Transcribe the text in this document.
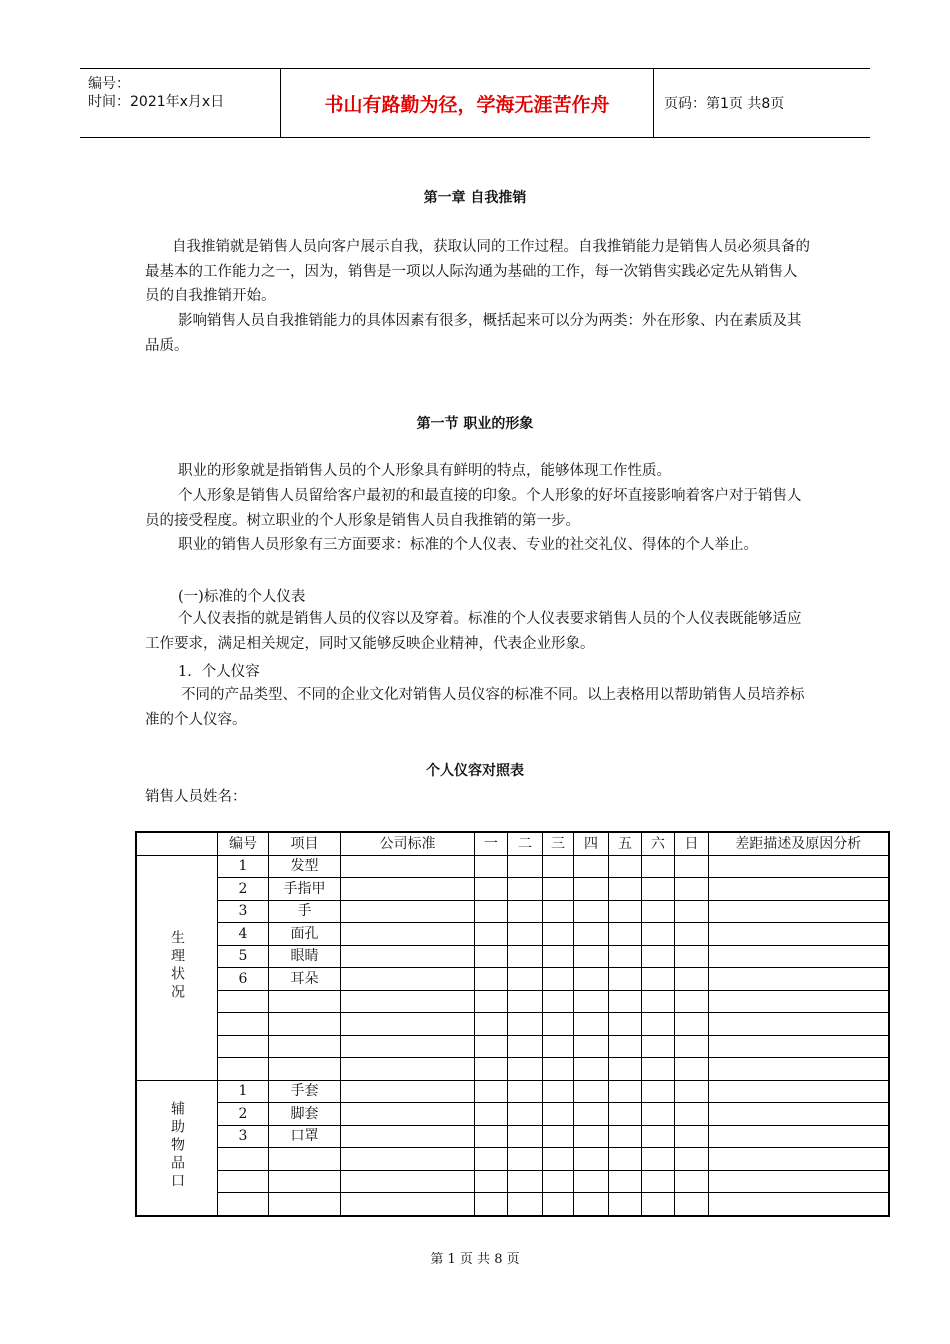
编号：
时间：2021年x月x日	书山有路勤为径，学海无涯苦作舟	页码：第1页 共8页
第一章 自我推销

自我推销就是销售人员向客户展示自我，获取认同的工作过程。自我推销能力是销售人员必须具备的最基本的工作能力之一，因为，销售是一项以人际沟通为基础的工作，每一次销售实践必定先从销售人员的自我推销开始。

影响销售人员自我推销能力的具体因素有很多，概括起来可以分为两类：外在形象、内在素质及其品质。

第一节 职业的形象

职业的形象就是指销售人员的个人形象具有鲜明的特点，能够体现工作性质。

个人形象是销售人员留给客户最初的和最直接的印象。个人形象的好坏直接影响着客户对于销售人员的接受程度。树立职业的个人形象是销售人员自我推销的第一步。

职业的销售人员形象有三方面要求：标准的个人仪表、专业的社交礼仪、得体的个人举止。

(一)标准的个人仪表

个人仪表指的就是销售人员的仪容以及穿着。标准的个人仪表要求销售人员的个人仪表既能够适应工作要求，满足相关规定，同时又能够反映企业精神，代表企业形象。

1．个人仪容

不同的产品类型、不同的企业文化对销售人员仪容的标准不同。以上表格用以帮助销售人员培养标准的个人仪容。

个人仪容对照表
销售人员姓名：
	编号	项目	公司标准	一	二	三	四	五	六	日	差距描述及原因分析
生理状况	1	发型									
	2	手指甲									
	3	手									
	4	面孔									
	5	眼睛									
	6	耳朵									

辅助物品口	1	手套									
	2	脚套									
	3	口罩									

第 1 页 共 8 页
